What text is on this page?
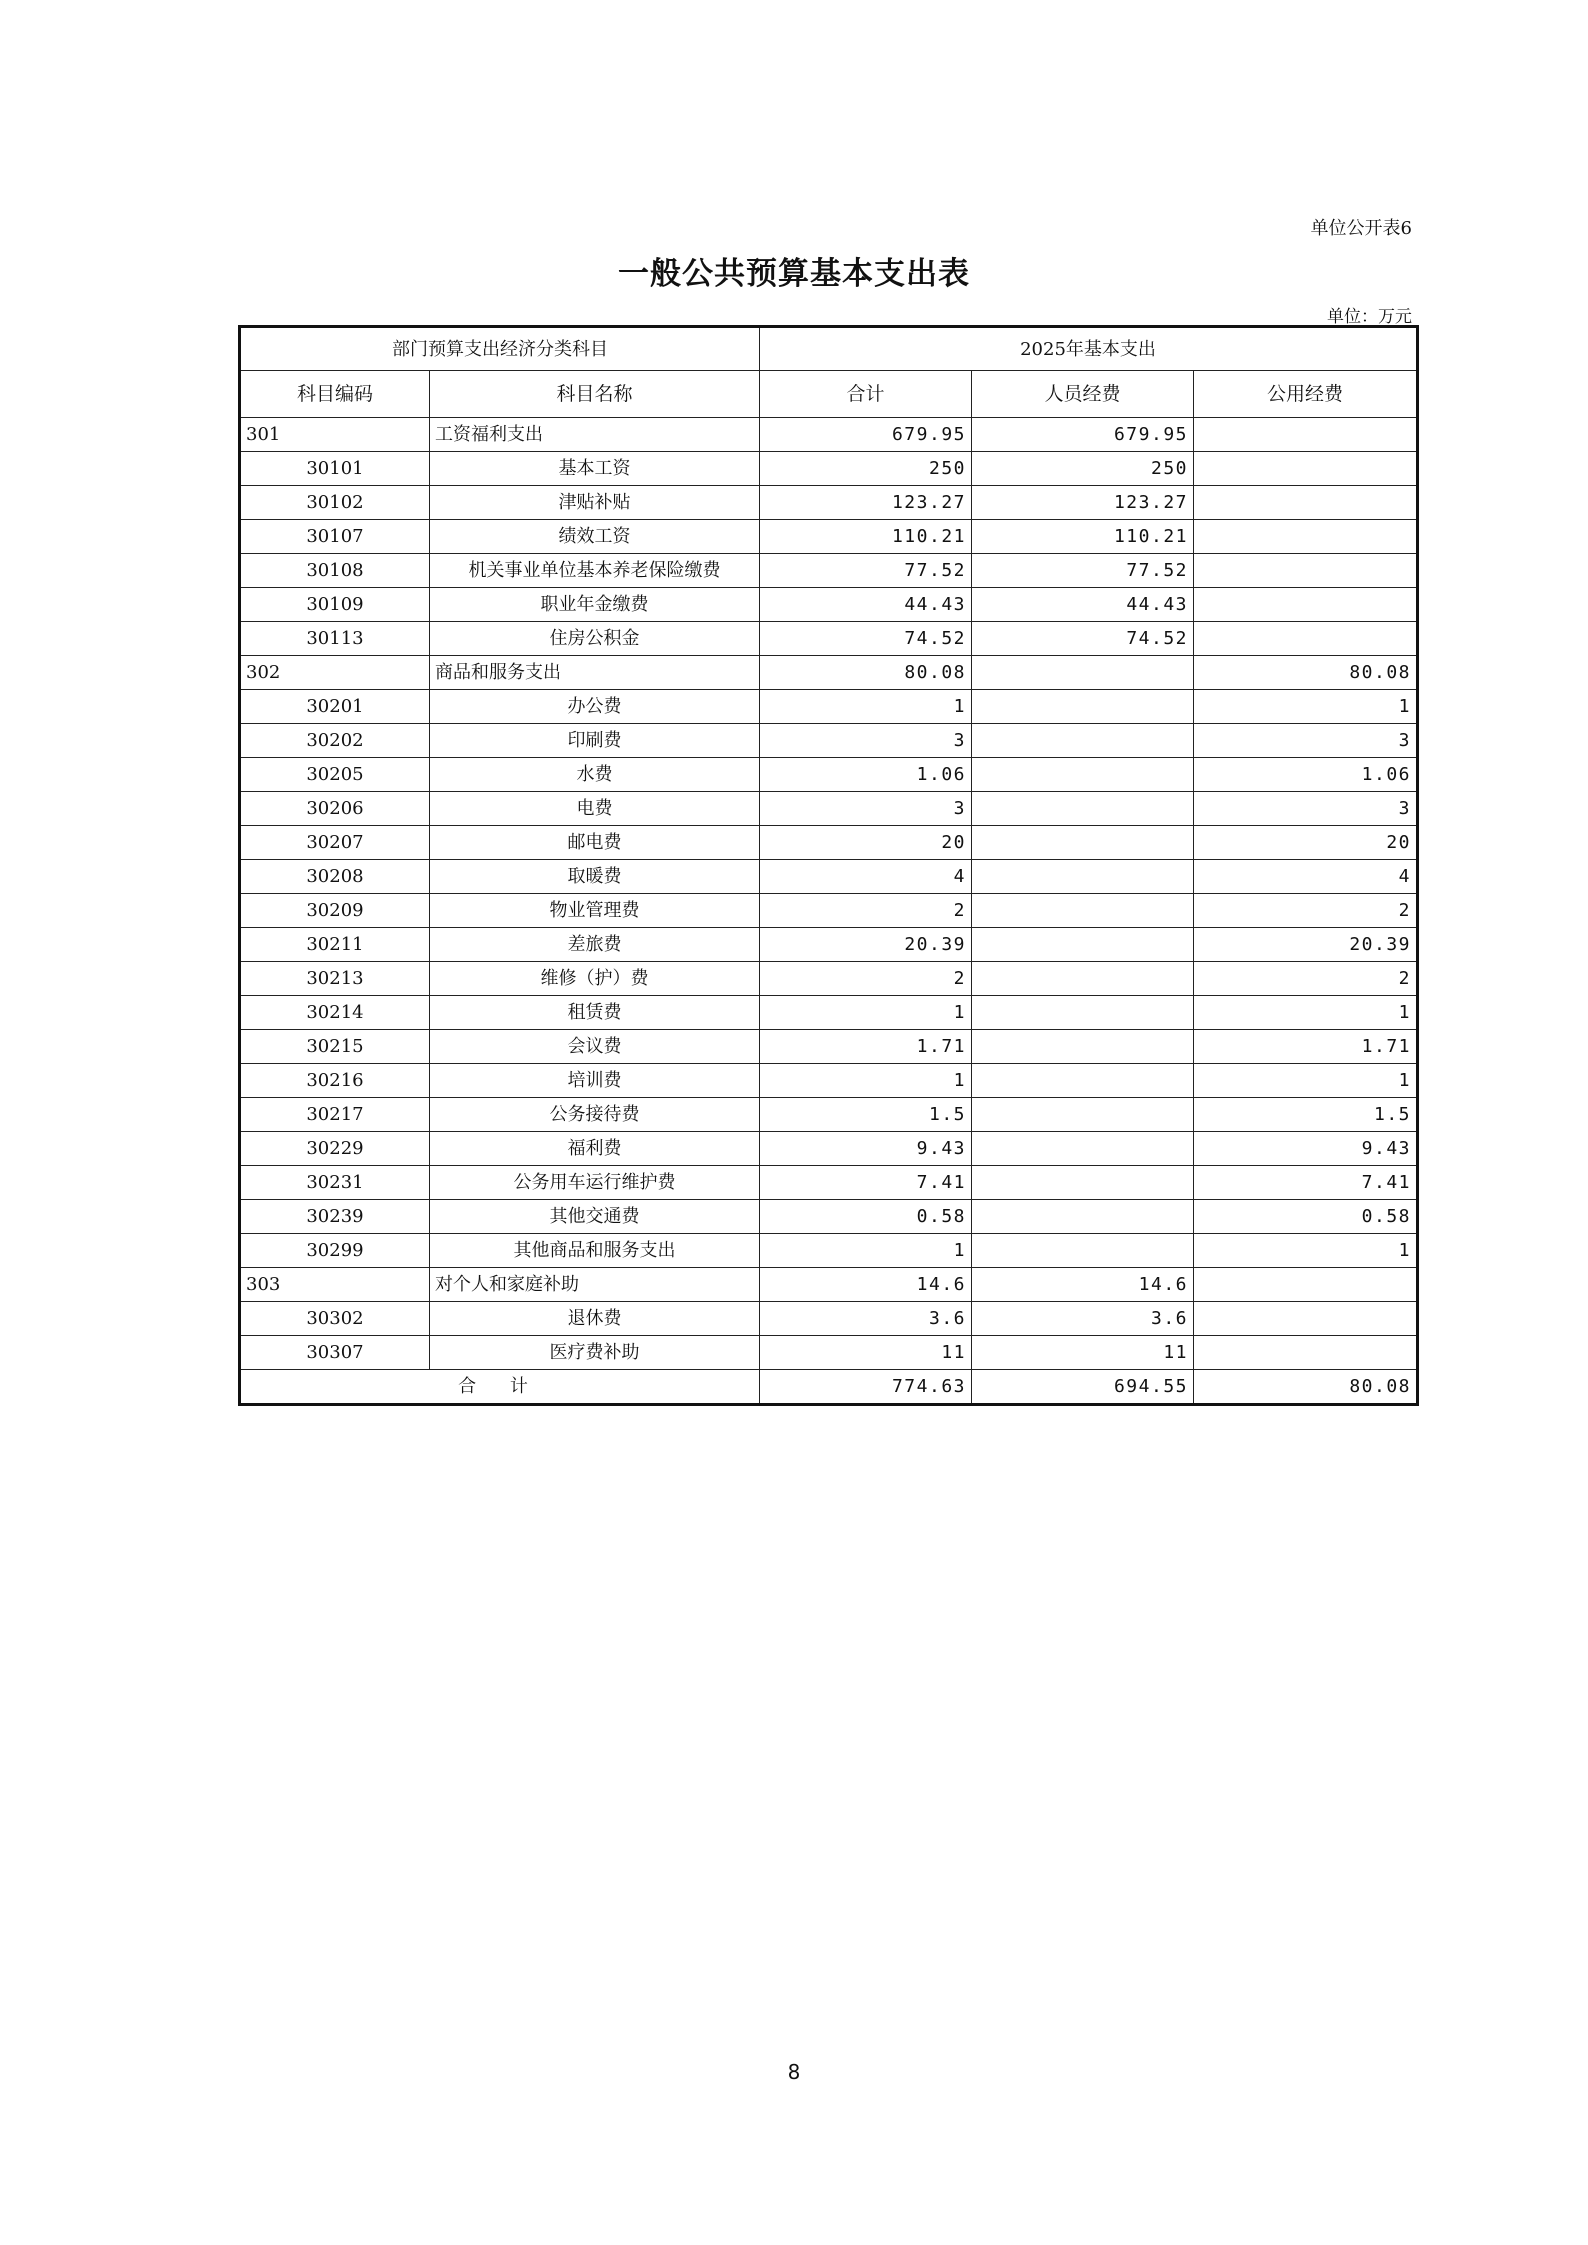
单位公开表6
一般公共预算基本支出表
单位：万元
部门预算支出经济分类科目		2025年基本支出		
科目编码	科目名称	合计	人员经费	公用经费
301	工资福利支出	679.95	679.95	
30101	基本工资	250	250	
30102	津贴补贴	123.27	123.27	
30107	绩效工资	110.21	110.21	
30108	机关事业单位基本养老保险缴费	77.52	77.52	
30109	职业年金缴费	44.43	44.43	
30113	住房公积金	74.52	74.52	
302	商品和服务支出	80.08		80.08
30201	办公费	1		1
30202	印刷费	3		3
30205	水费	1.06		1.06
30206	电费	3		3
30207	邮电费	20		20
30208	取暖费	4		4
30209	物业管理费	2		2
30211	差旅费	20.39		20.39
30213	维修（护）费	2		2
30214	租赁费	1		1
30215	会议费	1.71		1.71
30216	培训费	1		1
30217	公务接待费	1.5		1.5
30229	福利费	9.43		9.43
30231	公务用车运行维护费	7.41		7.41
30239	其他交通费	0.58		0.58
30299	其他商品和服务支出	1		1
303	对个人和家庭补助	14.6	14.6	
30302	退休费	3.6	3.6	
30307	医疗费补助	11	11	
合 计		774.63	694.55	80.08
8
